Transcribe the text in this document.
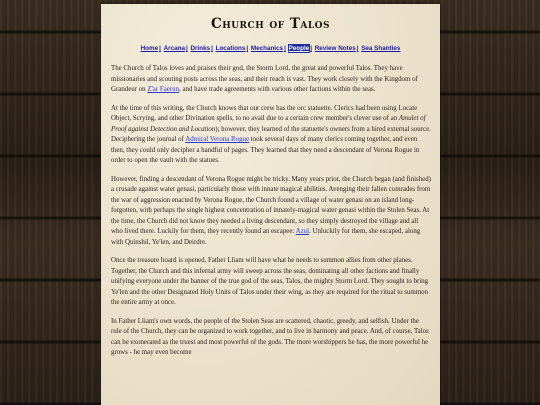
Church of Talos
Home| Arcana| Drinks| Locations| Mechanics| People| Review Notes| Sea Shanties

The Church of Talos loves and praises their god, the Storm Lord, the great and powerful Talos. They have missionaries and scouting posts across the seas, and their reach is vast. They work closely with the Kingdom of Grandeur on Z'ar Faerun, and have trade agreements with various other factions within the seas.

At the time of this writing, the Church knows that our crew has the orc statuette. Clerics had been using Locate Object, Scrying, and other Divination spells, to no avail due to a certain crew member's clever use of an Amulet of Proof against Detection and Location); however, they learned of the statuette's owners from a hired external source. Deciphering the journal of Admiral Verona Rogue took several days of many clerics coming together, and even then, they could only decipher a handful of pages. They learned that they need a descendant of Verona Rogue in order to open the vault with the statues.

However, finding a descendant of Verona Rogue might be tricky. Many years prior, the Church began (and finished) a crusade against water genasi, particularly those with innate magical abilities. Avenging their fallen comrades from the war of aggression enacted by Verona Rogue, the Church found a village of water genasi on an island long-forgotten, with perhaps the single highest concentration of innately-magical water genasi within the Stolen Seas. At the time, the Church did not know they needed a living descendant, so they simply destroyed the village and all who lived there. Luckily for them, they recently found an escapee: Azul. Unluckily for them, she escaped, along with Quinshil, Ye'len, and Deirdre.

Once the treasure hoard is opened, Father Lliam will have what he needs to summon allies from other planes. Together, the Church and this infernal army will sweep across the seas, dominating all other factions and finally unifying everyone under the banner of the true god of the seas, Talos, the mighty Storm Lord. They sought to bring Ye'len and the other Designated Holy Units of Talos under their wing, as they are required for the ritual to summon the entire army at once.

In Father Lliam's own words, the people of the Stolen Seas are scattered, chaotic, greedy, and selfish. Under the rule of the Church, they can be organized to work together, and to live in harmony and peace. And, of course, Talos can be exonerated as the truest and most powerful of the gods. The more worshippers he has, the more powerful he grows - he may even become
